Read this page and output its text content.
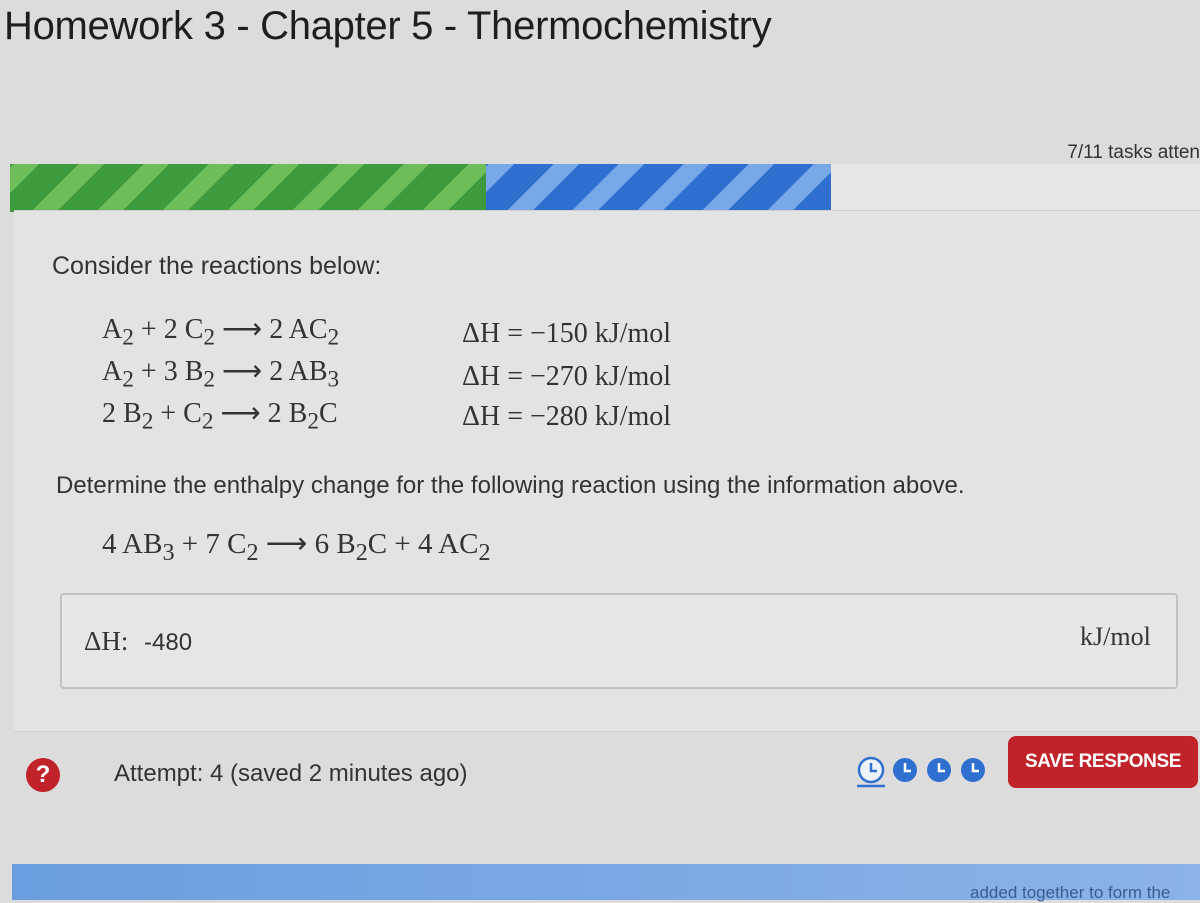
Homework 3 - Chapter 5 - Thermochemistry
7/11 tasks atten
Consider the reactions below:
$A_2 + 2$ $C_2$ ⟶ 2 $AC_2$	ΔH = −150 kJ/mol
$A_2 + 3$ $B_2$ ⟶ 2 $AB_3$	ΔH = −270 kJ/mol
2 $B_2 + C_2$ ⟶ 2 $B_2C$	ΔH = −280 kJ/mol
Determine the enthalpy change for the following reaction using the information above.
4 $AB_3 + 7$ $C_2$ ⟶ 6 $B_2C + 4$ $AC_2$
ΔH: -480	kJ/mol
?	Attempt: 4 (saved 2 minutes ago)	SAVE RESPONSE
added together to form the
